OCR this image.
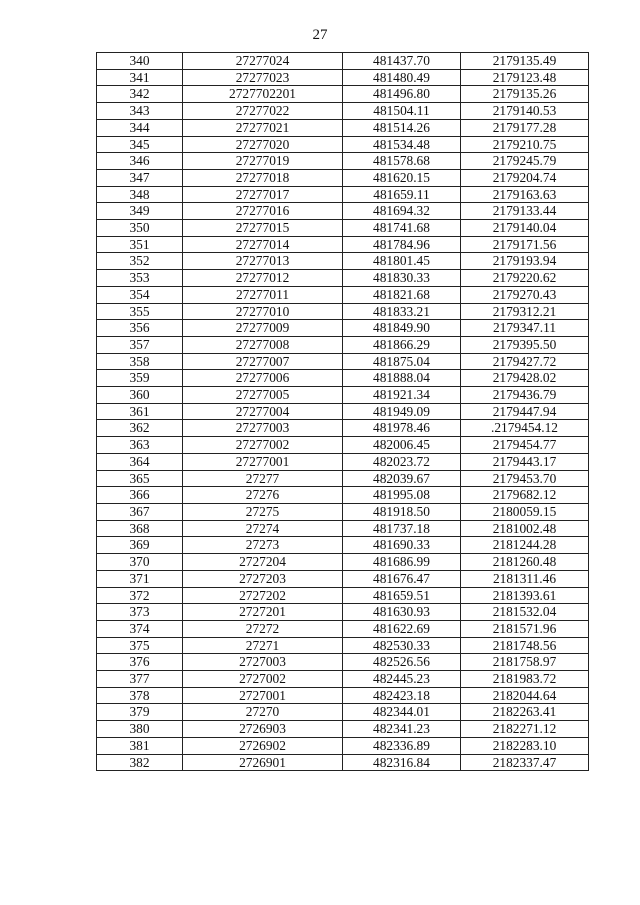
27
340	27277024	481437.70	2179135.49
341	27277023	481480.49	2179123.48
342	2727702201	481496.80	2179135.26
343	27277022	481504.11	2179140.53
344	27277021	481514.26	2179177.28
345	27277020	481534.48	2179210.75
346	27277019	481578.68	2179245.79
347	27277018	481620.15	2179204.74
348	27277017	481659.11	2179163.63
349	27277016	481694.32	2179133.44
350	27277015	481741.68	2179140.04
351	27277014	481784.96	2179171.56
352	27277013	481801.45	2179193.94
353	27277012	481830.33	2179220.62
354	27277011	481821.68	2179270.43
355	27277010	481833.21	2179312.21
356	27277009	481849.90	2179347.11
357	27277008	481866.29	2179395.50
358	27277007	481875.04	2179427.72
359	27277006	481888.04	2179428.02
360	27277005	481921.34	2179436.79
361	27277004	481949.09	2179447.94
362	27277003	481978.46	.2179454.12
363	27277002	482006.45	2179454.77
364	27277001	482023.72	2179443.17
365	27277	482039.67	2179453.70
366	27276	481995.08	2179682.12
367	27275	481918.50	2180059.15
368	27274	481737.18	2181002.48
369	27273	481690.33	2181244.28
370	2727204	481686.99	2181260.48
371	2727203	481676.47	2181311.46
372	2727202	481659.51	2181393.61
373	2727201	481630.93	2181532.04
374	27272	481622.69	2181571.96
375	27271	482530.33	2181748.56
376	2727003	482526.56	2181758.97
377	2727002	482445.23	2181983.72
378	2727001	482423.18	2182044.64
379	27270	482344.01	2182263.41
380	2726903	482341.23	2182271.12
381	2726902	482336.89	2182283.10
382	2726901	482316.84	2182337.47
